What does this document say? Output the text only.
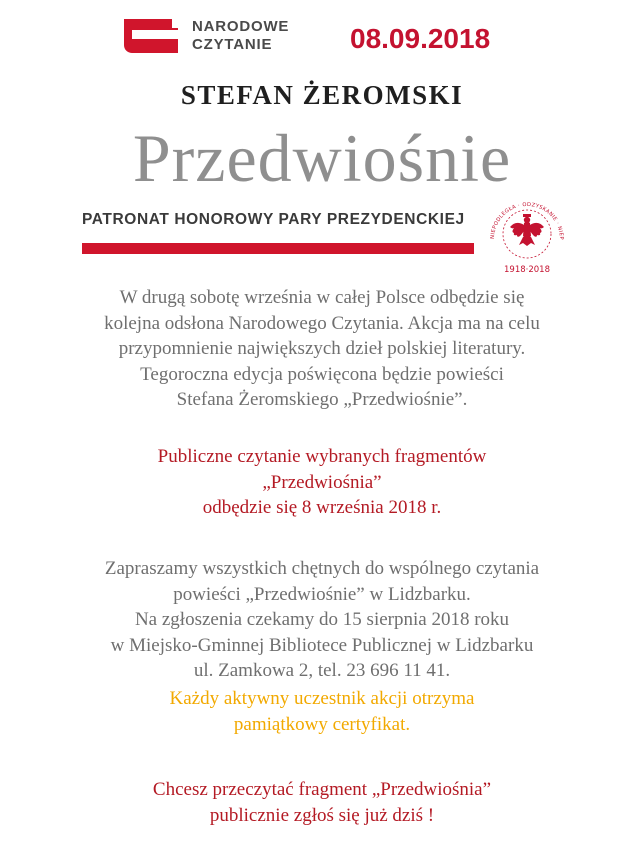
NARODOWE
CZYTANIE	08.09.2018
STEFAN ŻEROMSKI
Przedwiośnie
PATRONAT HONOROWY PARY PREZYDENCKIEJ
NIEPODLEGŁA · ODZYSKANIE · NIEP
1918·2018
W drugą sobotę września w całej Polsce odbędzie się
kolejna odsłona Narodowego Czytania. Akcja ma na celu
przypomnienie największych dzieł polskiej literatury.
Tegoroczna edycja poświęcona będzie powieści
Stefana Żeromskiego „Przedwiośnie”.
Publiczne czytanie wybranych fragmentów
„Przedwiośnia”
odbędzie się 8 września 2018 r.
Zapraszamy wszystkich chętnych do wspólnego czytania
powieści „Przedwiośnie” w Lidzbarku.
Na zgłoszenia czekamy do 15 sierpnia 2018 roku
w Miejsko-Gminnej Bibliotece Publicznej w Lidzbarku
ul. Zamkowa 2, tel. 23 696 11 41.
Każdy aktywny uczestnik akcji otrzyma
pamiątkowy certyfikat.
Chcesz przeczytać fragment „Przedwiośnia”
publicznie zgłoś się już dziś !
